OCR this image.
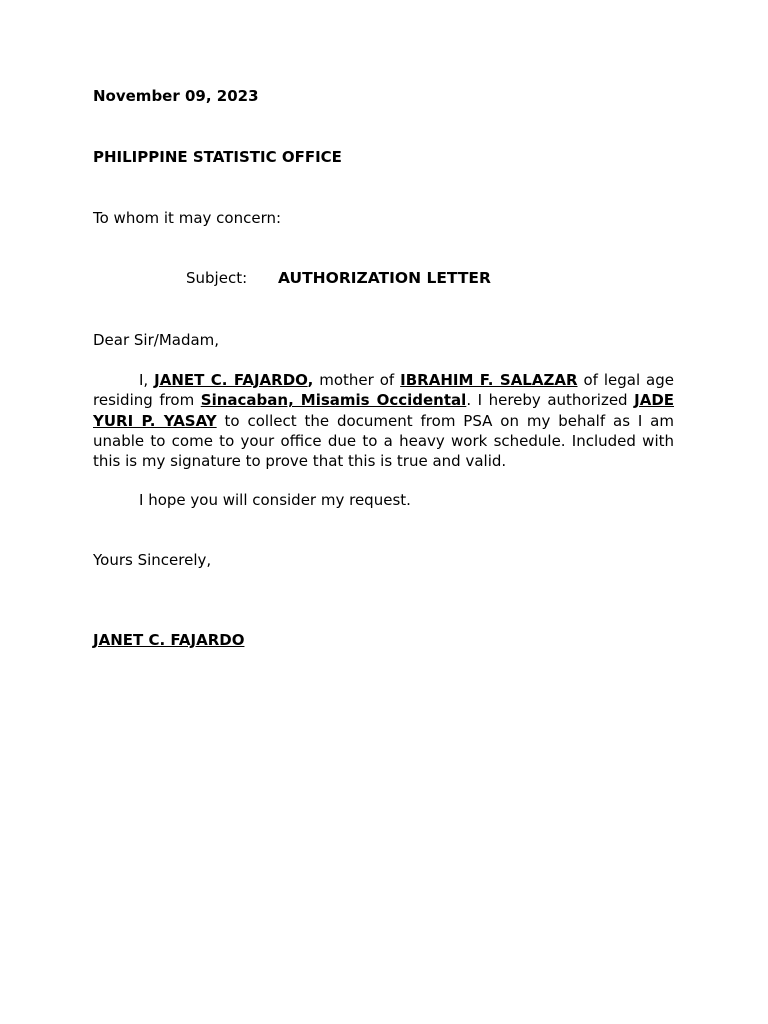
November 09, 2023
PHILIPPINE STATISTIC OFFICE
To whom it may concern:
Subject: AUTHORIZATION LETTER
Dear Sir/Madam,

I, JANET C. FAJARDO, mother of IBRAHIM F. SALAZAR of legal age residing from Sinacaban, Misamis Occidental. I hereby authorized JADE YURI P. YASAY to collect the document from PSA on my behalf as I am unable to come to your office due to a heavy work schedule. Included with this is my signature to prove that this is true and valid.

I hope you will consider my request.
Yours Sincerely,
JANET C. FAJARDO
